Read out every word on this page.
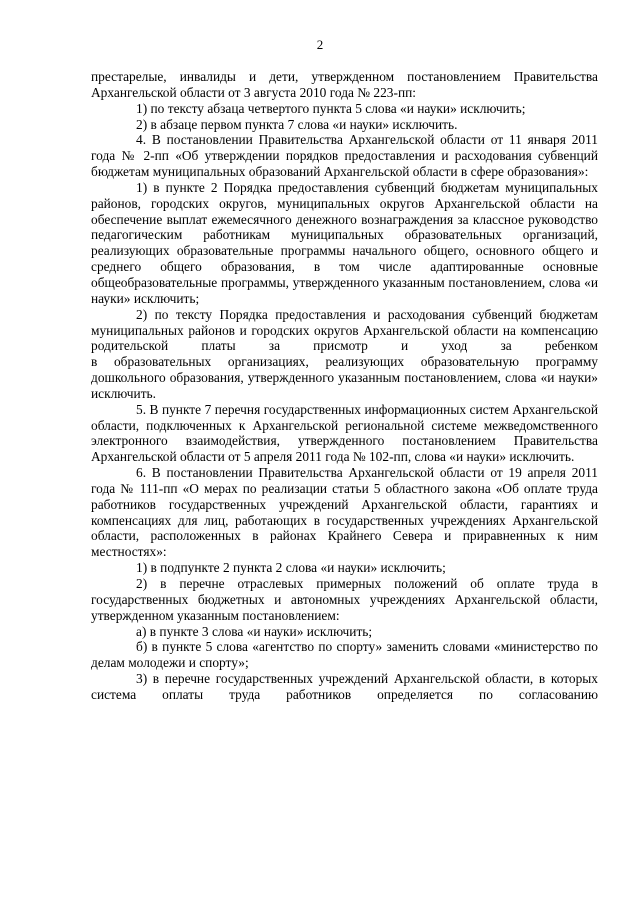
2

престарелые, инвалиды и дети, утвержденном постановлением Правительства Архангельской области от 3 августа 2010 года № 223-пп:

1) по тексту абзаца четвертого пункта 5 слова «и науки» исключить;

2) в абзаце первом пункта 7 слова «и науки» исключить.

4. В постановлении Правительства Архангельской области от 11 января 2011 года № 2-пп «Об утверждении порядков предоставления и расходования субвенций бюджетам муниципальных образований Архангельской области в сфере образования»:

1) в пункте 2 Порядка предоставления субвенций бюджетам муниципальных районов, городских округов, муниципальных округов Архангельской области на обеспечение выплат ежемесячного денежного вознаграждения за классное руководство педагогическим работникам муниципальных образовательных организаций, реализующих образовательные программы начального общего, основного общего и среднего общего образования, в том числе адаптированные основные общеобразовательные программы, утвержденного указанным постановлением, слова «и науки» исключить;

2) по тексту Порядка предоставления и расходования субвенций бюджетам муниципальных районов и городских округов Архангельской области на компенсацию родительской платы за присмотр и уход за ребенком

в образовательных организациях, реализующих образовательную программу дошкольного образования, утвержденного указанным постановлением, слова «и науки» исключить.

5. В пункте 7 перечня государственных информационных систем Архангельской области, подключенных к Архангельской региональной системе межведомственного электронного взаимодействия, утвержденного постановлением Правительства Архангельской области от 5 апреля 2011 года № 102-пп, слова «и науки» исключить.

6. В постановлении Правительства Архангельской области от 19 апреля 2011 года № 111-пп «О мерах по реализации статьи 5 областного закона «Об оплате труда работников государственных учреждений Архангельской области, гарантиях и компенсациях для лиц, работающих в государственных учреждениях Архангельской области, расположенных в районах Крайнего Севера и приравненных к ним местностях»:

1) в подпункте 2 пункта 2 слова «и науки» исключить;

2) в перечне отраслевых примерных положений об оплате труда в государственных бюджетных и автономных учреждениях Архангельской области, утвержденном указанным постановлением:

а) в пункте 3 слова «и науки» исключить;

б) в пункте 5 слова «агентство по спорту» заменить словами «министерство по делам молодежи и спорту»;

3) в перечне государственных учреждений Архангельской области, в которых система оплаты труда работников определяется по согласованию
